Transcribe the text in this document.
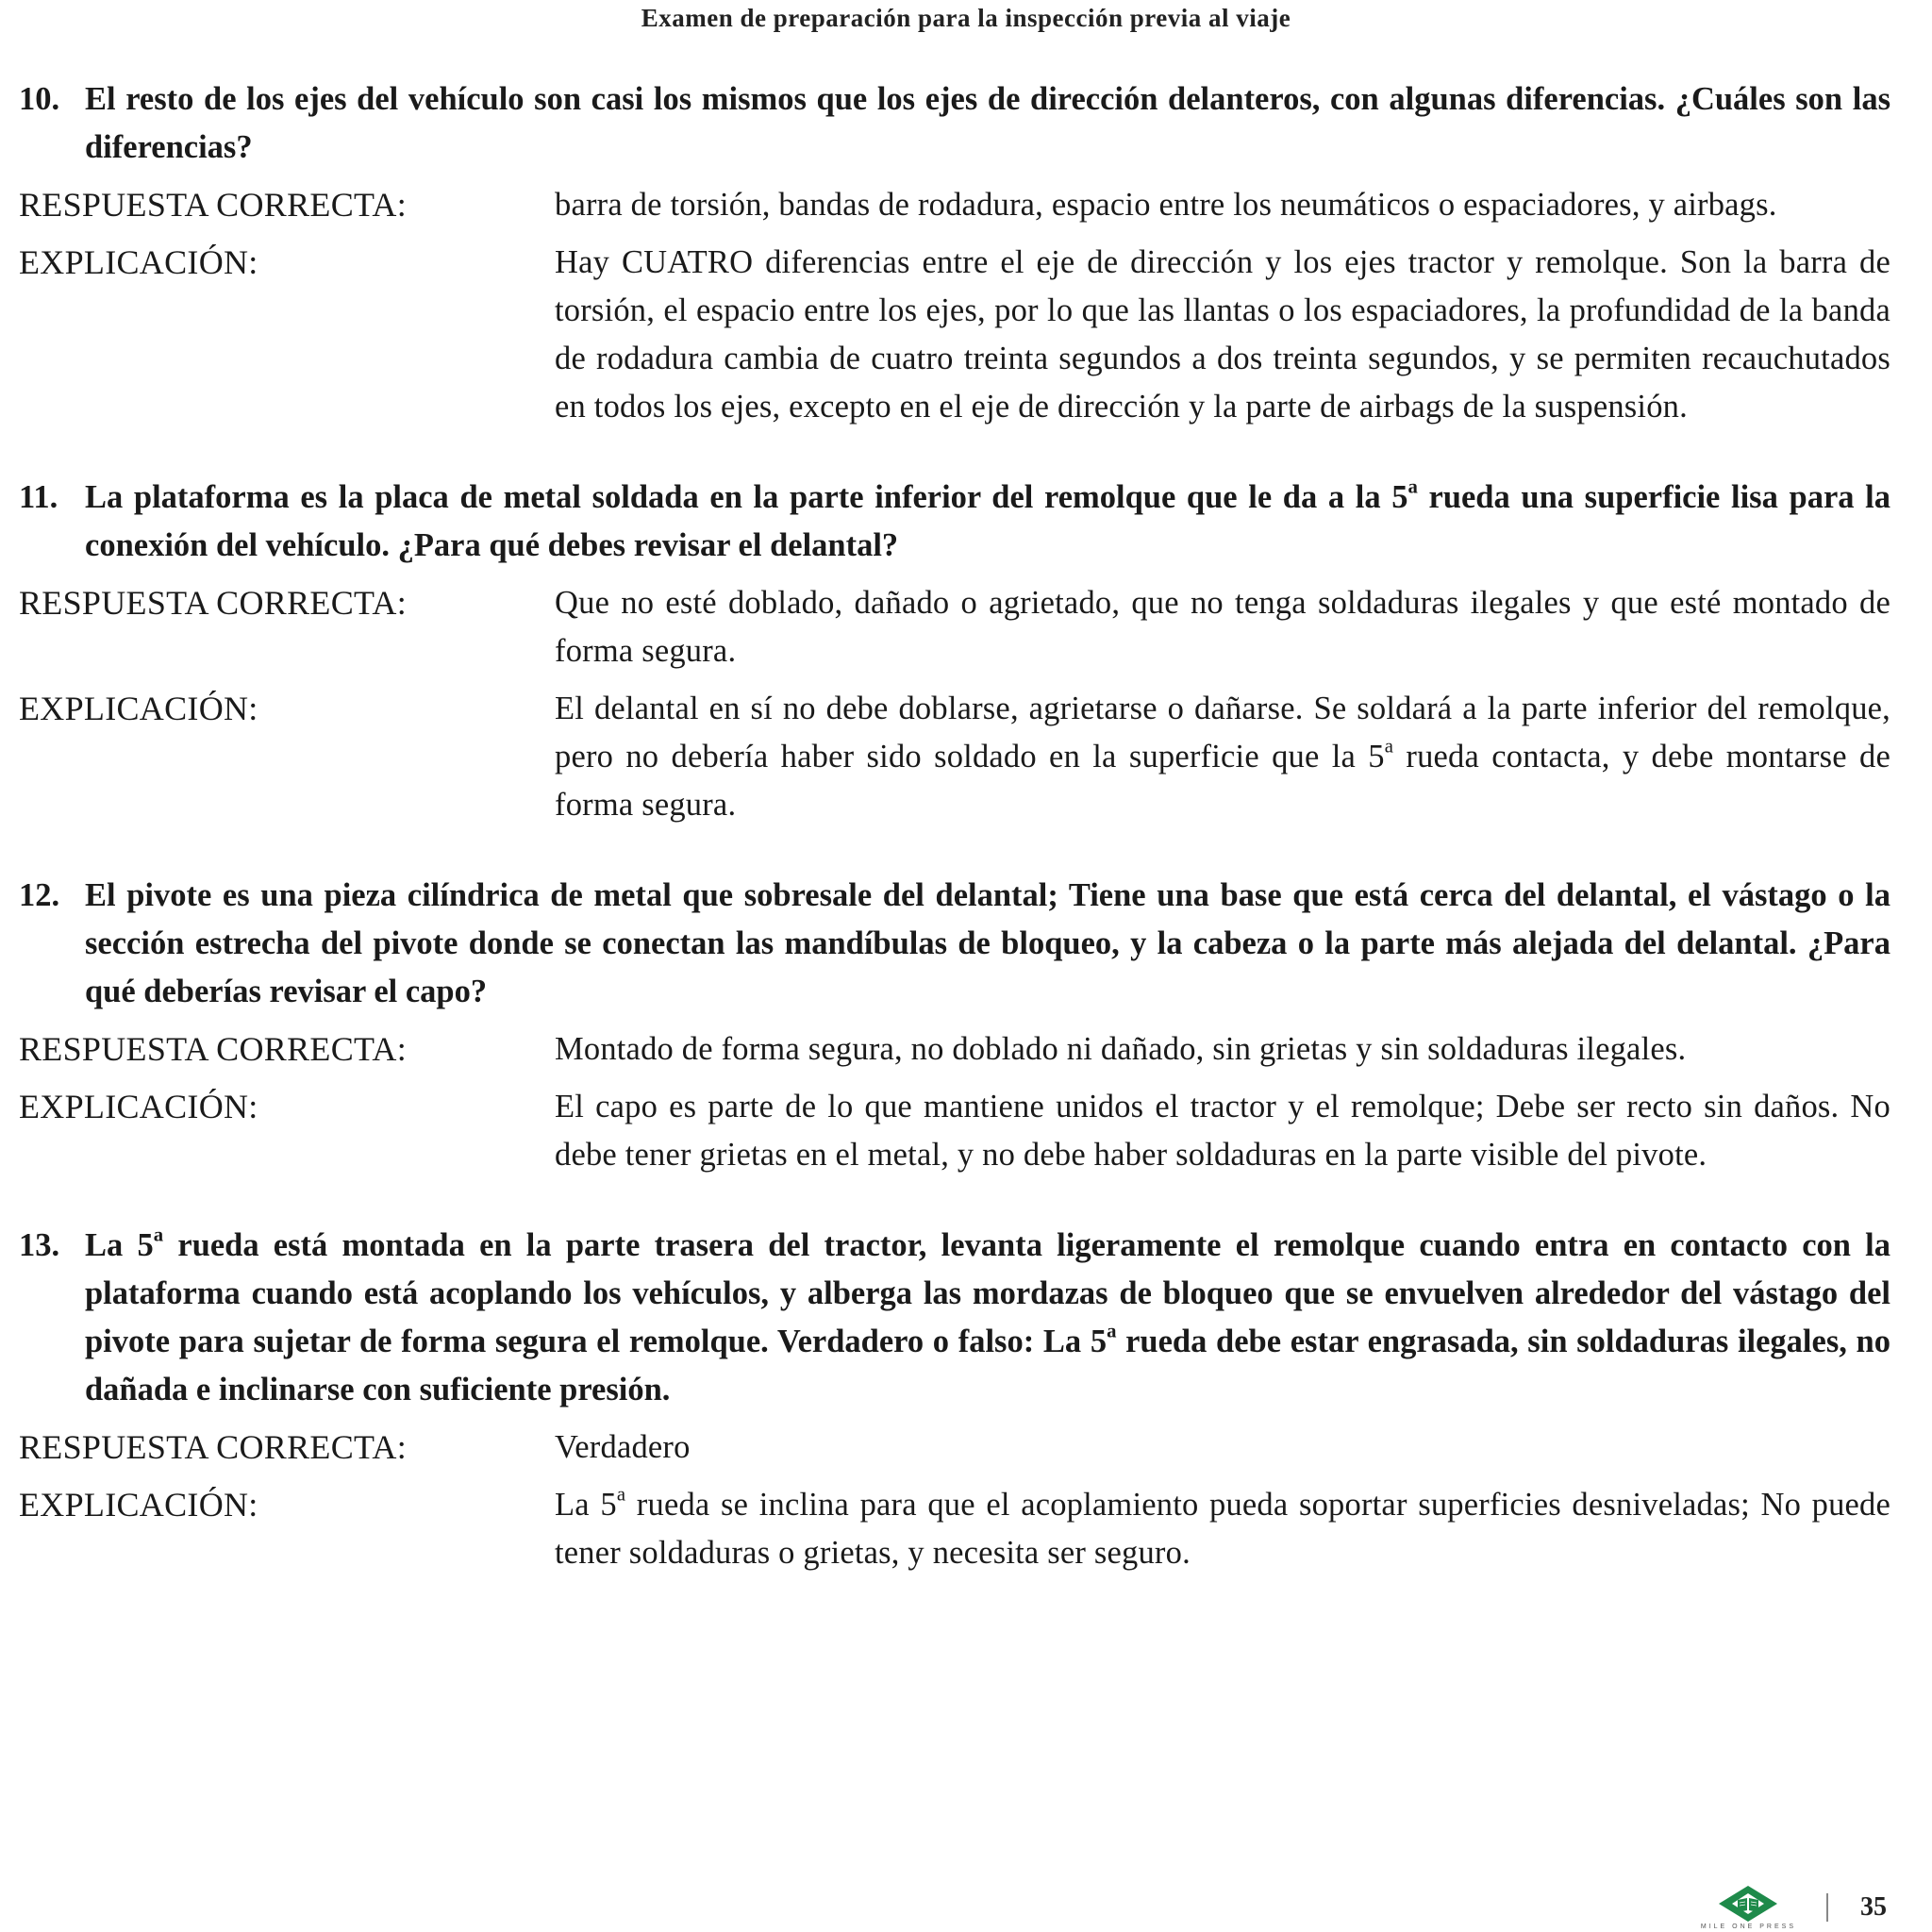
Examen de preparación para la inspección previa al viaje
10. El resto de los ejes del vehículo son casi los mismos que los ejes de dirección delanteros, con algunas diferencias. ¿Cuáles son las diferencias?
RESPUESTA CORRECTA:	barra de torsión, bandas de rodadura, espacio entre los neumáticos o espaciadores, y airbags.
EXPLICACIÓN:	Hay CUATRO diferencias entre el eje de dirección y los ejes tractor y remolque. Son la barra de torsión, el espacio entre los ejes, por lo que las llantas o los espaciadores, la profundidad de la banda de rodadura cambia de cuatro treinta segundos a dos treinta segundos, y se permiten recauchutados en todos los ejes, excepto en el eje de dirección y la parte de airbags de la suspensión.
11. La plataforma es la placa de metal soldada en la parte inferior del remolque que le da a la 5$^a$ rueda una superficie lisa para la conexión del vehículo. ¿Para qué debes revisar el delantal?
RESPUESTA CORRECTA:	Que no esté doblado, dañado o agrietado, que no tenga soldaduras ilegales y que esté montado de forma segura.
EXPLICACIÓN:	El delantal en sí no debe doblarse, agrietarse o dañarse. Se soldará a la parte inferior del remolque, pero no debería haber sido soldado en la superficie que la 5$^a$ rueda contacta, y debe montarse de forma segura.
12. El pivote es una pieza cilíndrica de metal que sobresale del delantal; Tiene una base que está cerca del delantal, el vástago o la sección estrecha del pivote donde se conectan las mandíbulas de bloqueo, y la cabeza o la parte más alejada del delantal. ¿Para qué deberías revisar el capo?
RESPUESTA CORRECTA:	Montado de forma segura, no doblado ni dañado, sin grietas y sin soldaduras ilegales.
EXPLICACIÓN:	El capo es parte de lo que mantiene unidos el tractor y el remolque; Debe ser recto sin daños. No debe tener grietas en el metal, y no debe haber soldaduras en la parte visible del pivote.
13. La 5$^a$ rueda está montada en la parte trasera del tractor, levanta ligeramente el remolque cuando entra en contacto con la plataforma cuando está acoplando los vehículos, y alberga las mordazas de bloqueo que se envuelven alrededor del vástago del pivote para sujetar de forma segura el remolque. Verdadero o falso: La 5$^a$ rueda debe estar engrasada, sin soldaduras ilegales, no dañada e inclinarse con suficiente presión.
RESPUESTA CORRECTA:	Verdadero
EXPLICACIÓN:	La 5$^a$ rueda se inclina para que el acoplamiento pueda soportar superficies desniveladas; No puede tener soldaduras o grietas, y necesita ser seguro.
MILE ONE PRESS
35
